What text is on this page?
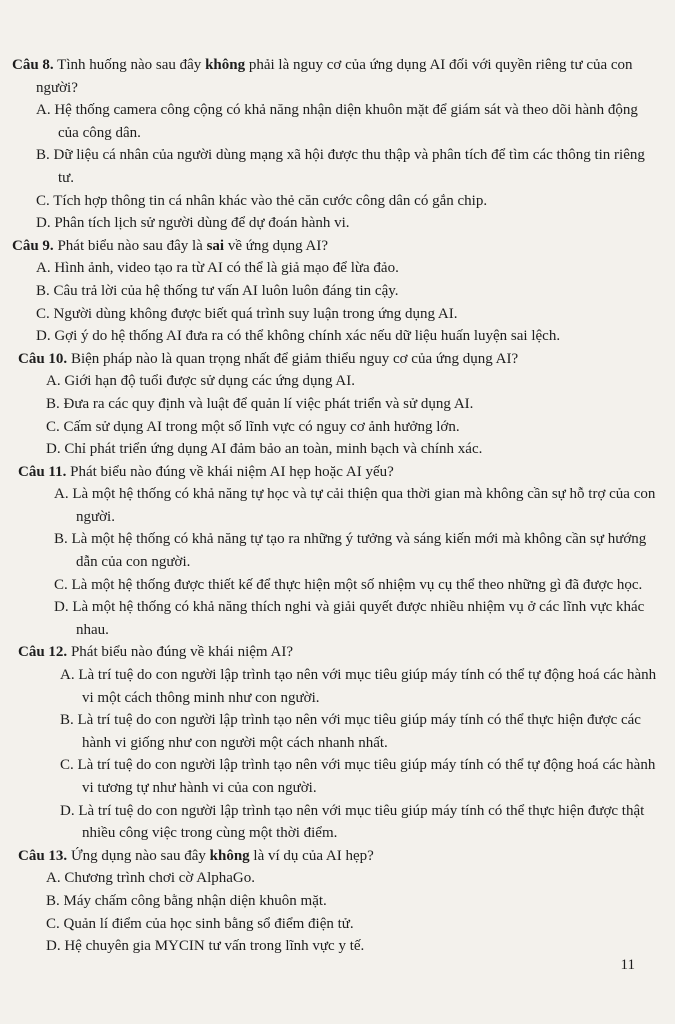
Câu 8. Tình huống nào sau đây không phải là nguy cơ của ứng dụng AI đối với quyền riêng tư của con người?

A. Hệ thống camera công cộng có khả năng nhận diện khuôn mặt để giám sát và theo dõi hành động của công dân.

B. Dữ liệu cá nhân của người dùng mạng xã hội được thu thập và phân tích để tìm các thông tin riêng tư.

C. Tích hợp thông tin cá nhân khác vào thẻ căn cước công dân có gắn chip.

D. Phân tích lịch sử người dùng để dự đoán hành vi.

Câu 9. Phát biểu nào sau đây là sai về ứng dụng AI?

A. Hình ảnh, video tạo ra từ AI có thể là giả mạo để lừa đảo.

B. Câu trả lời của hệ thống tư vấn AI luôn luôn đáng tin cậy.

C. Người dùng không được biết quá trình suy luận trong ứng dụng AI.

D. Gợi ý do hệ thống AI đưa ra có thể không chính xác nếu dữ liệu huấn luyện sai lệch.

Câu 10. Biện pháp nào là quan trọng nhất để giảm thiểu nguy cơ của ứng dụng AI?

A. Giới hạn độ tuổi được sử dụng các ứng dụng AI.

B. Đưa ra các quy định và luật để quản lí việc phát triển và sử dụng AI.

C. Cấm sử dụng AI trong một số lĩnh vực có nguy cơ ảnh hưởng lớn.

D. Chỉ phát triển ứng dụng AI đảm bảo an toàn, minh bạch và chính xác.

Câu 11. Phát biểu nào đúng về khái niệm AI hẹp hoặc AI yếu?

A. Là một hệ thống có khả năng tự học và tự cải thiện qua thời gian mà không cần sự hỗ trợ của con người.

B. Là một hệ thống có khả năng tự tạo ra những ý tưởng và sáng kiến mới mà không cần sự hướng dẫn của con người.

C. Là một hệ thống được thiết kế để thực hiện một số nhiệm vụ cụ thể theo những gì đã được học.

D. Là một hệ thống có khả năng thích nghi và giải quyết được nhiều nhiệm vụ ở các lĩnh vực khác nhau.

Câu 12. Phát biểu nào đúng về khái niệm AI?

A. Là trí tuệ do con người lập trình tạo nên với mục tiêu giúp máy tính có thể tự động hoá các hành vi một cách thông minh như con người.

B. Là trí tuệ do con người lập trình tạo nên với mục tiêu giúp máy tính có thể thực hiện được các hành vi giống như con người một cách nhanh nhất.

C. Là trí tuệ do con người lập trình tạo nên với mục tiêu giúp máy tính có thể tự động hoá các hành vi tương tự như hành vi của con người.

D. Là trí tuệ do con người lập trình tạo nên với mục tiêu giúp máy tính có thể thực hiện được thật nhiều công việc trong cùng một thời điểm.

Câu 13. Ứng dụng nào sau đây không là ví dụ của AI hẹp?

A. Chương trình chơi cờ AlphaGo.

B. Máy chấm công bằng nhận diện khuôn mặt.

C. Quản lí điểm của học sinh bằng sổ điểm điện tử.

D. Hệ chuyên gia MYCIN tư vấn trong lĩnh vực y tế.

11
